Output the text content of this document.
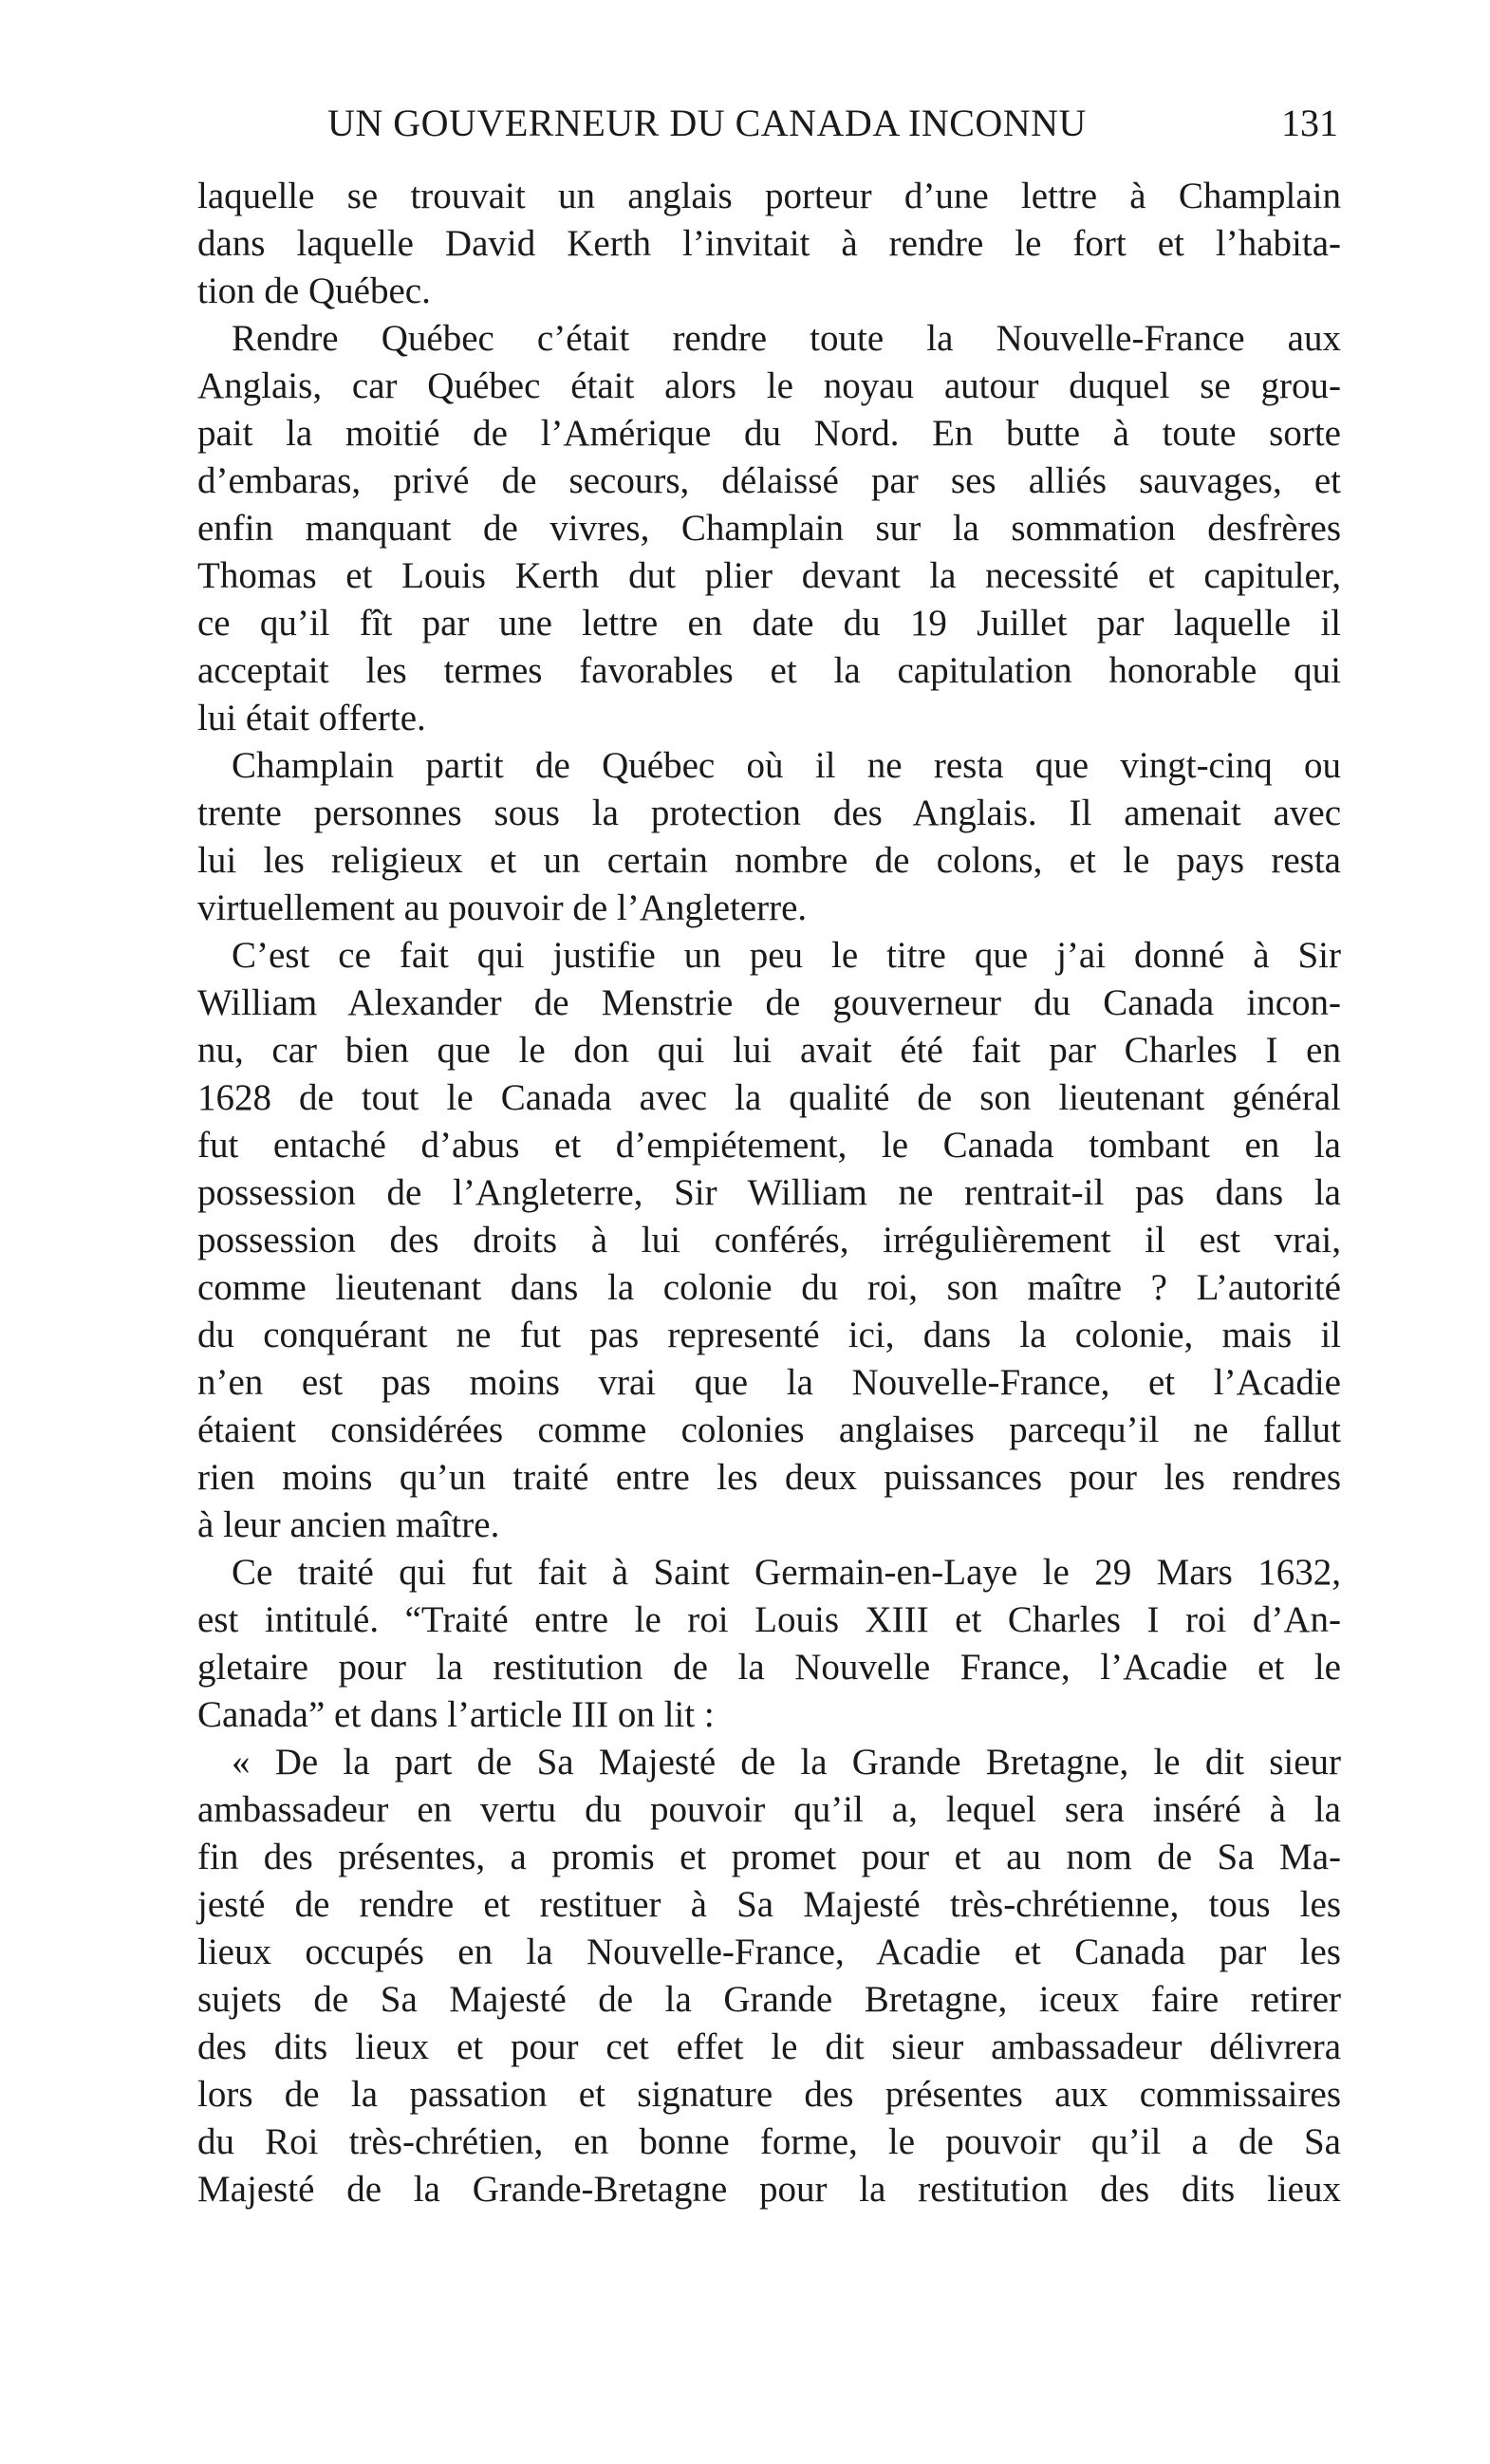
UN GOUVERNEUR DU CANADA INCONNU	131
laquelle se trouvait un anglais porteur d’une lettre à Champlain
dans laquelle David Kerth l’invitait à rendre le fort et l’habita-
tion de Québec.
Rendre Québec c’était rendre toute la Nouvelle-France aux
Anglais, car Québec était alors le noyau autour duquel se grou-
pait la moitié de l’Amérique du Nord. En butte à toute sorte
d’embaras, privé de secours, délaissé par ses alliés sauvages, et
enfin manquant de vivres, Champlain sur la sommation desfrères
Thomas et Louis Kerth dut plier devant la necessité et capituler,
ce qu’il fît par une lettre en date du 19 Juillet par laquelle il
acceptait les termes favorables et la capitulation honorable qui
lui était offerte.
Champlain partit de Québec où il ne resta que vingt-cinq ou
trente personnes sous la protection des Anglais. Il amenait avec
lui les religieux et un certain nombre de colons, et le pays resta
virtuellement au pouvoir de l’Angleterre.
C’est ce fait qui justifie un peu le titre que j’ai donné à Sir
William Alexander de Menstrie de gouverneur du Canada incon-
nu, car bien que le don qui lui avait été fait par Charles I en
1628 de tout le Canada avec la qualité de son lieutenant général
fut entaché d’abus et d’empiétement, le Canada tombant en la
possession de l’Angleterre, Sir William ne rentrait-il pas dans la
possession des droits à lui conférés, irrégulièrement il est vrai,
comme lieutenant dans la colonie du roi, son maître ? L’autorité
du conquérant ne fut pas representé ici, dans la colonie, mais il
n’en est pas moins vrai que la Nouvelle-France, et l’Acadie
étaient considérées comme colonies anglaises parcequ’il ne fallut
rien moins qu’un traité entre les deux puissances pour les rendres
à leur ancien maître.
Ce traité qui fut fait à Saint Germain-en-Laye le 29 Mars 1632,
est intitulé. “Traité entre le roi Louis XIII et Charles I roi d’An-
gletaire pour la restitution de la Nouvelle France, l’Acadie et le
Canada” et dans l’article III on lit :
« De la part de Sa Majesté de la Grande Bretagne, le dit sieur
ambassadeur en vertu du pouvoir qu’il a, lequel sera inséré à la
fin des présentes, a promis et promet pour et au nom de Sa Ma-
jesté de rendre et restituer à Sa Majesté très-chrétienne, tous les
lieux occupés en la Nouvelle-France, Acadie et Canada par les
sujets de Sa Majesté de la Grande Bretagne, iceux faire retirer
des dits lieux et pour cet effet le dit sieur ambassadeur délivrera
lors de la passation et signature des présentes aux commissaires
du Roi très-chrétien, en bonne forme, le pouvoir qu’il a de Sa
Majesté de la Grande-Bretagne pour la restitution des dits lieux
